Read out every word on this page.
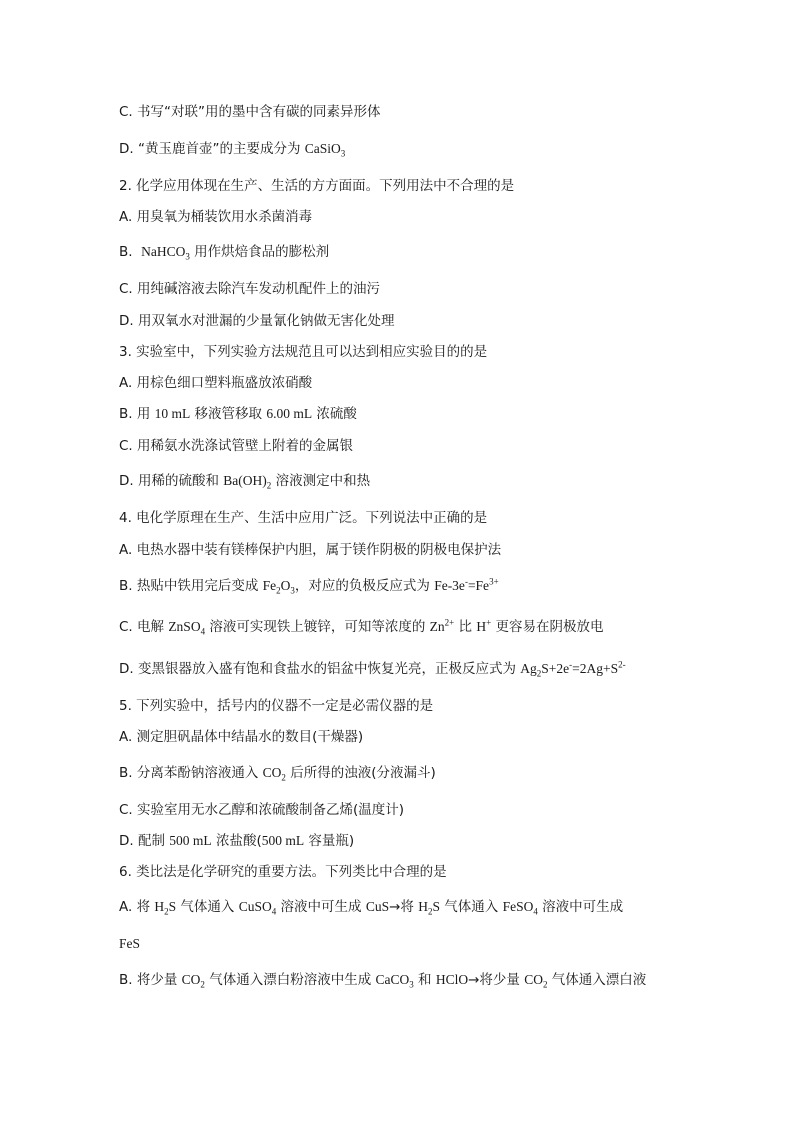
C. 书写“对联”用的墨中含有碳的同素异形体
D. “黄玉鹿首壶”的主要成分为 CaSiO$_3$
2. 化学应用体现在生产、生活的方方面面。下列用法中不合理的是
A. 用臭氧为桶装饮用水杀菌消毒
B.  NaHCO$_3$ 用作烘焙食品的膨松剂
C. 用纯碱溶液去除汽车发动机配件上的油污
D. 用双氧水对泄漏的少量氰化钠做无害化处理
3. 实验室中，下列实验方法规范且可以达到相应实验目的的是
A. 用棕色细口塑料瓶盛放浓硝酸
B. 用 10 mL 移液管移取 6.00 mL 浓硫酸
C. 用稀氨水洗涤试管壁上附着的金属银
D. 用稀的硫酸和 $Ba(OH)_2$ 溶液测定中和热
4. 电化学原理在生产、生活中应用广泛。下列说法中正确的是
A. 电热水器中装有镁棒保护内胆，属于镁作阴极的阴极电保护法
B. 热贴中铁用完后变成 $Fe_2O_3$，对应的负极反应式为 $Fe-3e^-=Fe^{3+}$
C. 电解 ZnSO$_4$ 溶液可实现铁上镀锌，可知等浓度的 $Zn^{2+}$ 比 H+ 更容易在阴极放电
D. 变黑银器放入盛有饱和食盐水的铝盆中恢复光亮，正极反应式为 $Ag_2S+2e^-=2Ag+S^{2-}$
5. 下列实验中，括号内的仪器不一定是必需仪器的是
A. 测定胆矾晶体中结晶水的数目(干燥器)
B. 分离苯酚钠溶液通入 $CO_2$ 后所得的浊液(分液漏斗)
C. 实验室用无水乙醇和浓硫酸制备乙烯(温度计)
D. 配制 500 mL 浓盐酸(500 mL 容量瓶)
6. 类比法是化学研究的重要方法。下列类比中合理的是
A. 将 $H_2S$ 气体通入 CuSO$_4$ 溶液中可生成 CuS→将 $H_2S$ 气体通入 FeSO$_4$ 溶液中可生成
FeS
B. 将少量 $CO_2$ 气体通入漂白粉溶液中生成 CaCO$_3$ 和 HClO→将少量 $CO_2$ 气体通入漂白液
